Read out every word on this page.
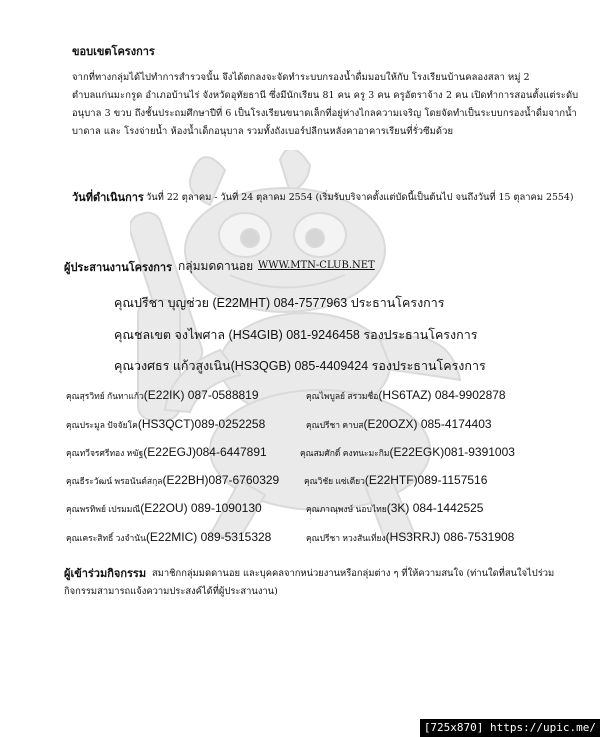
ขอบเขตโครงการ
จากที่ทางกลุ่มได้ไปทำการสำรวจนั้น จึงได้ตกลงจะจัดทำระบบกรองน้ำดื่มมอบให้กับ โรงเรียนบ้านคลองสลา หมู่ 2
ตำบลแก่นมะกรูด อำเภอบ้านไร่ จังหวัดอุทัยธานี ซึ่งมีนักเรียน 81 คน ครู 3 คน ครูอัตราจ้าง 2 คน เปิดทำการสอนตั้งแต่ระดับ
อนุบาล 3 ขวบ ถึงชั้นประถมศึกษาปีที่ 6 เป็นโรงเรียนขนาดเล็กที่อยู่ห่างไกลความเจริญ โดยจัดทำเป็นระบบกรองน้ำดื่มจากน้ำ
บาดาล และ โรงจ่ายน้ำ ห้องน้ำเด็กอนุบาล รวมทั้งถังเบอร์ปลีกนหลังคาอาคารเรียนที่รั่วซึมด้วย
วันที่ดำเนินการ วันที่ 22 ตุลาคม - วันที่ 24 ตุลาคม 2554 (เริ่มรับบริจาคตั้งแต่บัดนี้เป็นต้นไป จนถึงวันที่ 15 ตุลาคม 2554)
ผู้ประสานงานโครงการ กลุ่มมดดานอย WWW.MTN-CLUB.NET
คุณปรีชา บุญช่วย (E22MHT) 084-7577963 ประธานโครงการ
คุณชลเขต จงไพศาล (HS4GIB) 081-9246458 รองประธานโครงการ
คุณวงศธร แก้วสูงเนิน(HS3QGB) 085-4409424 รองประธานโครงการ
คุณสุรวิทย์ กันทาแก้ว(E22IK) 087-0588819	คุณไพบูลย์ สรวมชื่อ(HS6TAZ) 084-9902878
คุณประมูล ปัจจัยโค(HS3QCT)089-0252258	คุณปรีชา คาบส(E20OZX) 085-4174403
คุณทวีจรศรีทอง หฆัฐ(E22EGJ)084-6447891	คุณสมศักดิ์ คงทนะมะกิม(E22EGK)081-9391003
คุณธีระวัฒน์ พรอนันต์สกุล(E22BH)087-6760329	คุณวิชัย แซ่เตียว(E22HTF)089-1157516
คุณพรทิพย์ เปรมมณี(E22OU) 089-1090130	คุณภาณุพงษ์ นอบไทย(3K) 084-1442525
คุณเคระสิทธิ์ วงจำนัน(E22MIC) 089-5315328	คุณปรีชา หวงสันเที่ยง(HS3RRJ) 086-7531908
ผู้เข้าร่วมกิจกรรม สมาชิกกลุ่มมดดานอย และบุคคลจากหน่วยงานหรือกลุ่มต่าง ๆ ที่ให้ความสนใจ (ท่านใดที่สนใจไปร่วม
กิจกรรมสามารถแจ้งความประสงค์ได้ที่ผู้ประสานงาน)
[725x870] https://upic.me/
